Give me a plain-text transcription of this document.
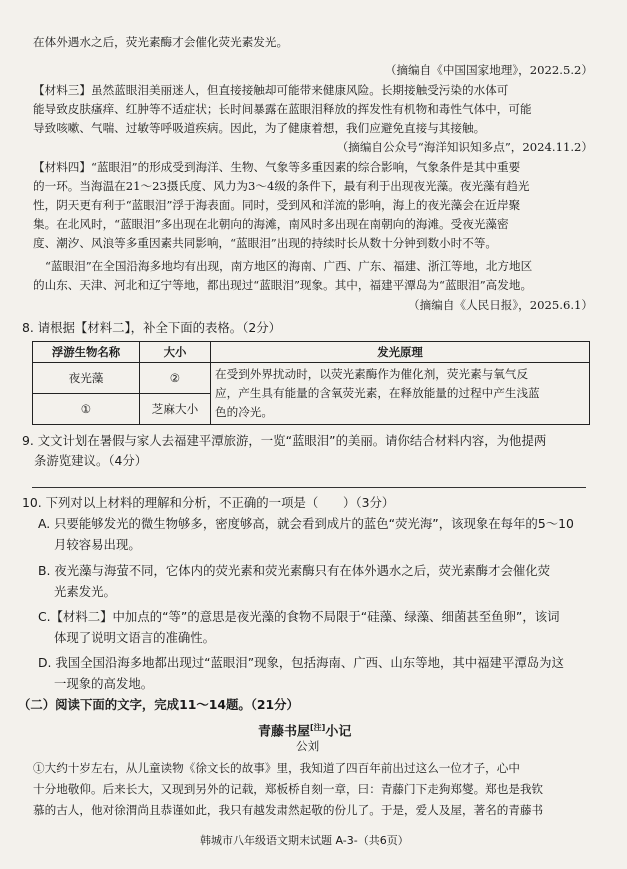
在体外遇水之后，荧光素酶才会催化荧光素发光。
（摘编自《中国国家地理》，2022.5.2）
【材料三】虽然蓝眼泪美丽迷人，但直接接触却可能带来健康风险。长期接触受污染的水体可
能导致皮肤瘙痒、红肿等不适症状；长时间暴露在蓝眼泪释放的挥发性有机物和毒性气体中，可能
导致咳嗽、气喘、过敏等呼吸道疾病。因此，为了健康着想，我们应避免直接与其接触。
（摘编自公众号“海洋知识知多点”，2024.11.2）
【材料四】“蓝眼泪”的形成受到海洋、生物、气象等多重因素的综合影响，气象条件是其中重要
的一环。当海温在21～23摄氏度、风力为3～4级的条件下，最有利于出现夜光藻。夜光藻有趋光
性，阴天更有利于“蓝眼泪”浮于海表面。同时，受到风和洋流的影响，海上的夜光藻会在近岸聚
集。在北风时，“蓝眼泪”多出现在北朝向的海滩，南风时多出现在南朝向的海滩。受夜光藻密
度、潮汐、风浪等多重因素共同影响，“蓝眼泪”出现的持续时长从数十分钟到数小时不等。
“蓝眼泪”在全国沿海多地均有出现，南方地区的海南、广西、广东、福建、浙江等地，北方地区
的山东、天津、河北和辽宁等地，都出现过“蓝眼泪”现象。其中，福建平潭岛为“蓝眼泪”高发地。
（摘编自《人民日报》，2025.6.1）
8. 请根据【材料二】，补全下面的表格。（2分）
浮游生物名称	大小	发光原理
夜光藻	②	在受到外界扰动时，以荧光素酶作为催化剂，荧光素与氧气反
应，产生具有能量的含氧荧光素，在释放能量的过程中产生浅蓝
色的冷光。

①	芝麻大小	
9. 文文计划在暑假与家人去福建平潭旅游，一览“蓝眼泪”的美丽。请你结合材料内容，为他提两
条游览建议。（4分）
10. 下列对以上材料的理解和分析，不正确的一项是（　　）（3分）
A. 只要能够发光的微生物够多，密度够高，就会看到成片的蓝色“荧光海”，该现象在每年的5～10
月较容易出现。
B. 夜光藻与海萤不同，它体内的荧光素和荧光素酶只有在体外遇水之后，荧光素酶才会催化荧
光素发光。
C.【材料二】中加点的“等”的意思是夜光藻的食物不局限于“硅藻、绿藻、细菌甚至鱼卵”，该词
体现了说明文语言的准确性。
D. 我国全国沿海多地都出现过“蓝眼泪”现象，包括海南、广西、山东等地，其中福建平潭岛为这
一现象的高发地。
（二）阅读下面的文字，完成11～14题。（21分）
青藤书屋[注]小记
公刘
①大约十岁左右，从儿童读物《徐文长的故事》里，我知道了四百年前出过这么一位才子，心中
十分地敬仰。后来长大，又现到另外的记载，郑板桥自刻一章，曰：青藤门下走狗郑燮。郑也是我钦
慕的古人，他对徐渭尚且恭谨如此，我只有越发肃然起敬的份儿了。于是，爱人及屋，著名的青藤书
韩城市八年级语文期末试题 A-3-（共6页）
